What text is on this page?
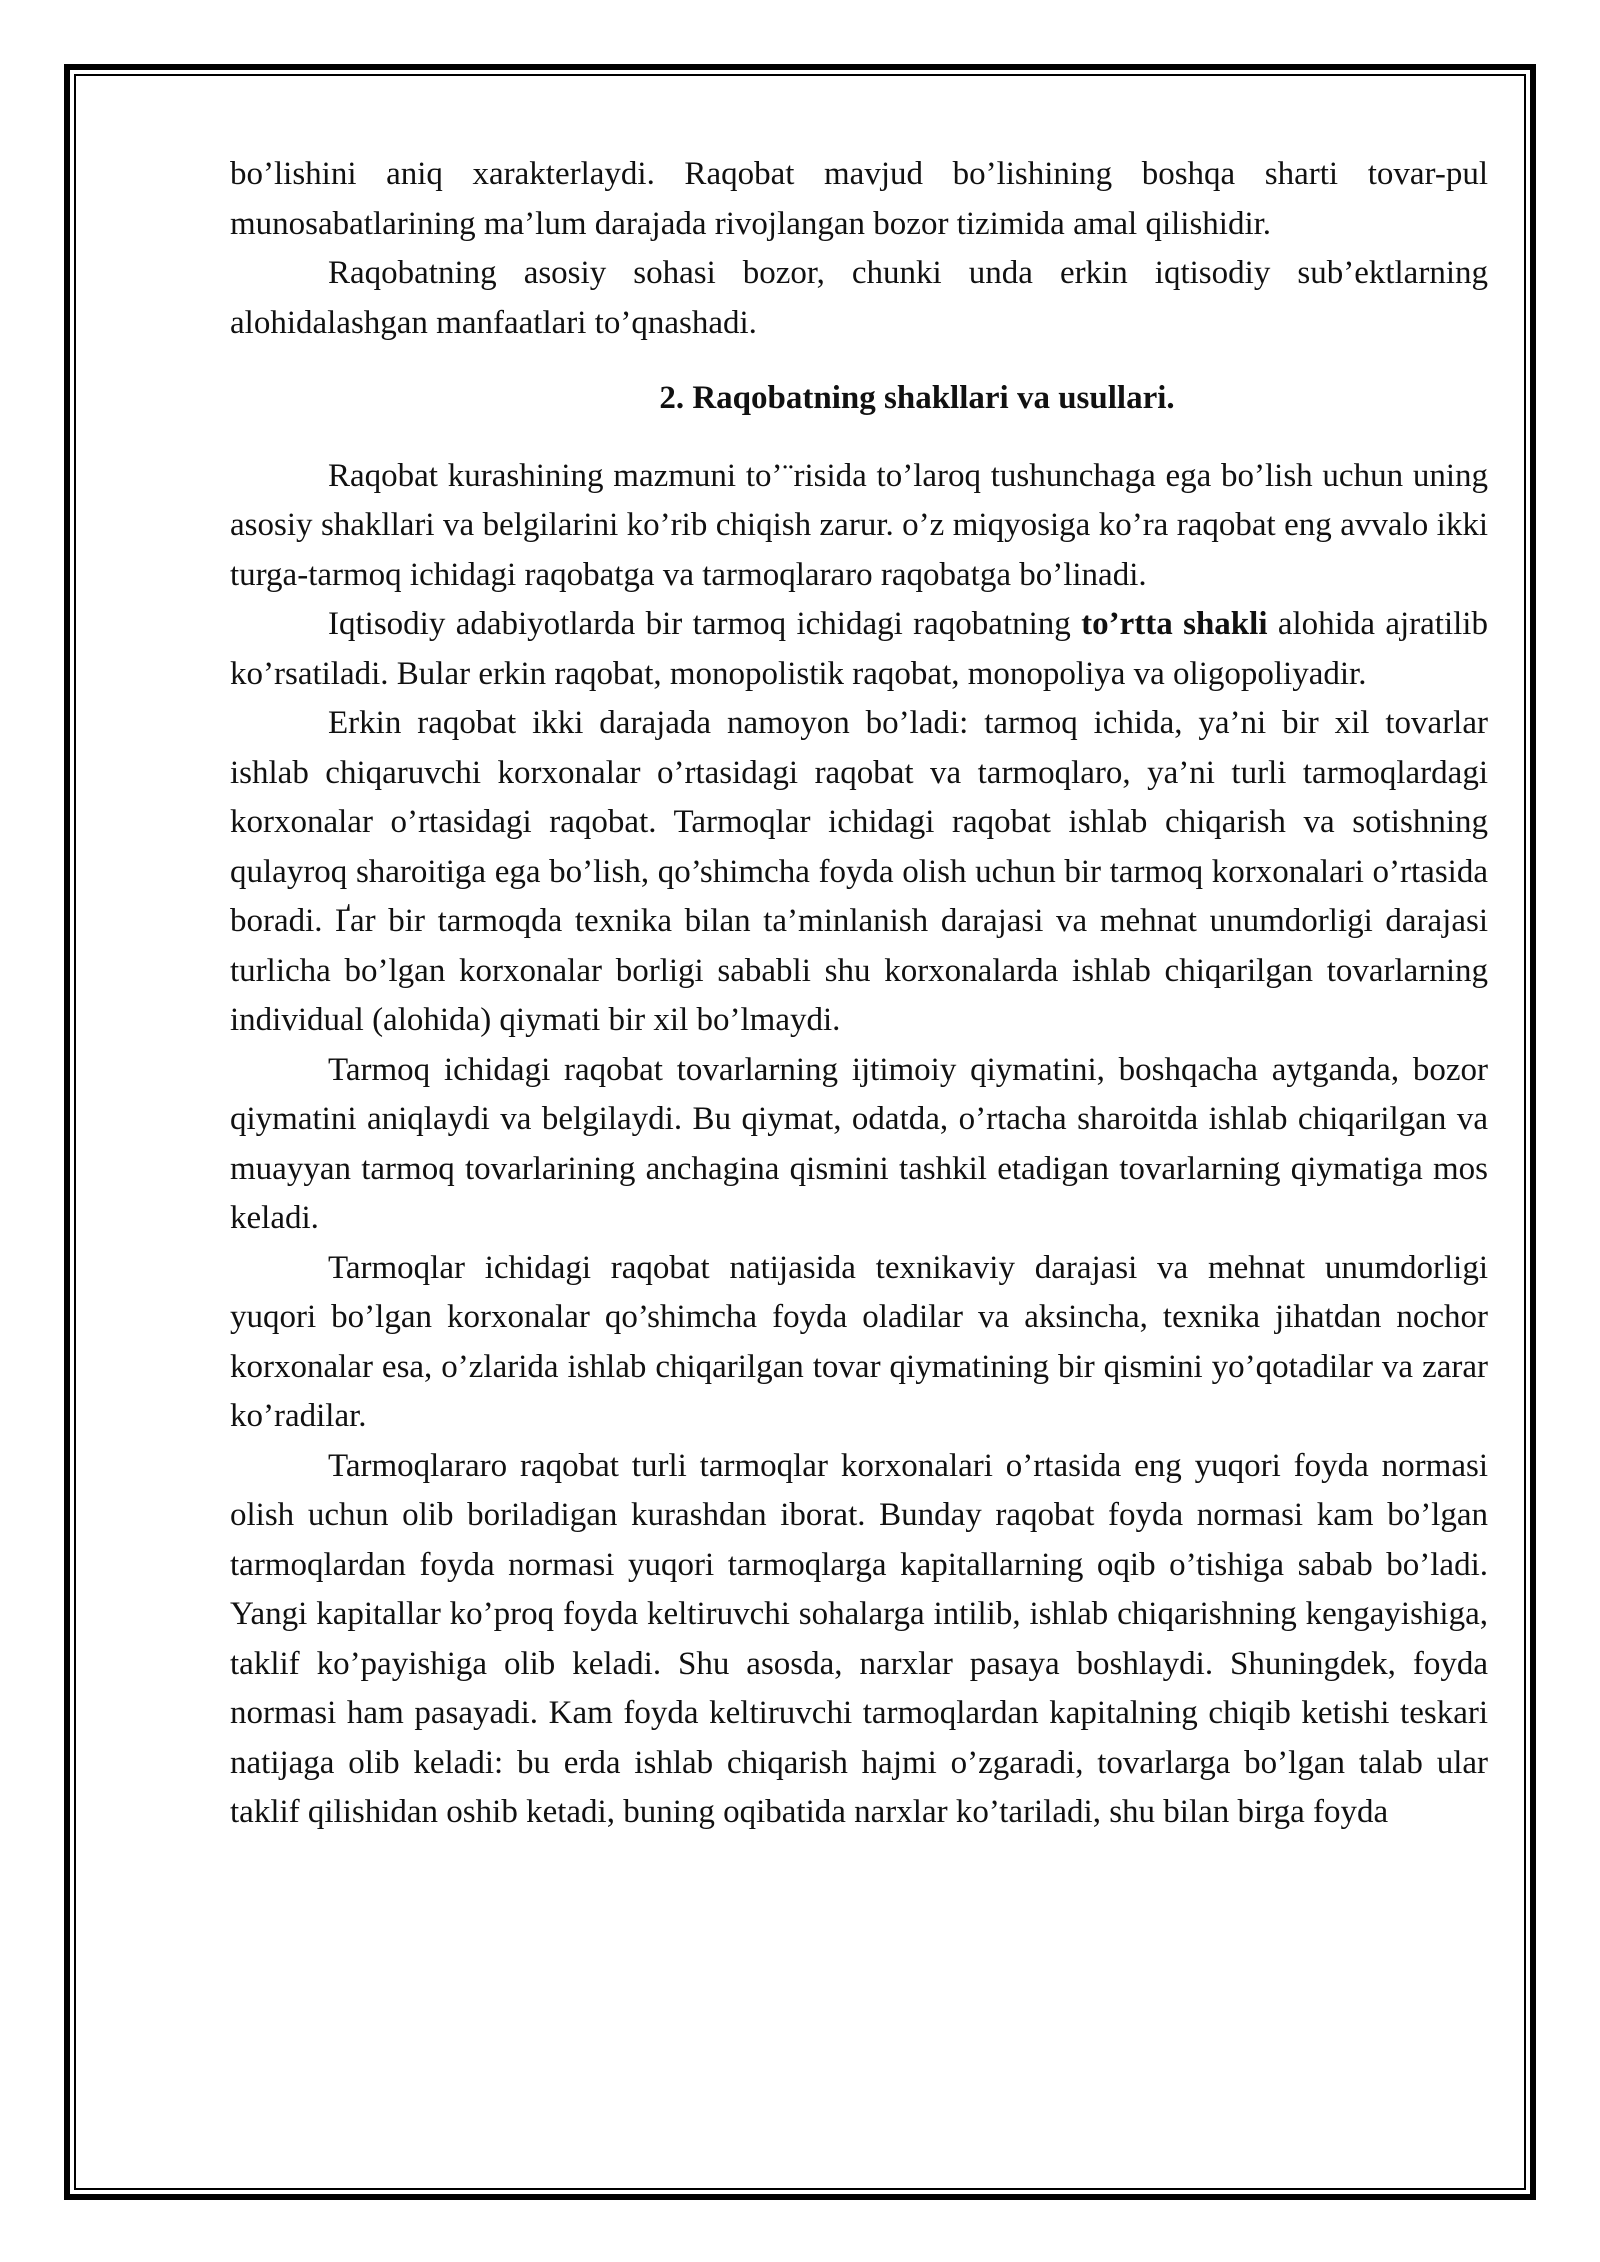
bo’lishini aniq xarakterlaydi. Raqobat mavjud bo’lishining boshqa sharti tovar-pul munosabatlarining ma’lum darajada rivojlangan bozor tizimida amal qilishidir.

Raqobatning asosiy sohasi bozor, chunki unda erkin iqtisodiy sub’ektlarning alohidalashgan manfaatlari to’qnashadi.

2. Raqobatning shakllari va usullari.

Raqobat kurashining mazmuni to’¨risida to’laroq tushunchaga ega bo’lish uchun uning asosiy shakllari va belgilarini ko’rib chiqish zarur. o’z miqyosiga ko’ra raqobat eng avvalo ikki turga-tarmoq ichidagi raqobatga va tarmoqlararo raqobatga bo’linadi.

Iqtisodiy adabiyotlarda bir tarmoq ichidagi raqobatning to’rtta shakli alohida ajratilib ko’rsatiladi. Bular erkin raqobat, monopolistik raqobat, monopoliya va oligopoliyadir.

Erkin raqobat ikki darajada namoyon bo’ladi: tarmoq ichida, ya’ni bir xil tovarlar ishlab chiqaruvchi korxonalar o’rtasidagi raqobat va tarmoqlaro, ya’ni turli tarmoqlardagi korxonalar o’rtasidagi raqobat. Tarmoqlar ichidagi raqobat ishlab chiqarish va sotishning qulayroq sharoitiga ega bo’lish, qo’shimcha foyda olish uchun bir tarmoq korxonalari o’rtasida boradi. Ґar bir tarmoqda texnika bilan ta’minlanish darajasi va mehnat unumdorligi darajasi turlicha bo’lgan korxonalar borligi sababli shu korxonalarda ishlab chiqarilgan tovarlarning individual (alohida) qiymati bir xil bo’lmaydi.

Tarmoq ichidagi raqobat tovarlarning ijtimoiy qiymatini, boshqacha aytganda, bozor qiymatini aniqlaydi va belgilaydi. Bu qiymat, odatda, o’rtacha sharoitda ishlab chiqarilgan va muayyan tarmoq tovarlarining anchagina qismini tashkil etadigan tovarlarning qiymatiga mos keladi.

Tarmoqlar ichidagi raqobat natijasida texnikaviy darajasi va mehnat unumdorligi yuqori bo’lgan korxonalar qo’shimcha foyda oladilar va aksincha, texnika jihatdan nochor korxonalar esa, o’zlarida ishlab chiqarilgan tovar qiymatining bir qismini yo’qotadilar va zarar ko’radilar.

Tarmoqlararo raqobat turli tarmoqlar korxonalari o’rtasida eng yuqori foyda normasi olish uchun olib boriladigan kurashdan iborat. Bunday raqobat foyda normasi kam bo’lgan tarmoqlardan foyda normasi yuqori tarmoqlarga kapitallarning oqib o’tishiga sabab bo’ladi. Yangi kapitallar ko’proq foyda keltiruvchi sohalarga intilib, ishlab chiqarishning kengayishiga, taklif ko’payishiga olib keladi. Shu asosda, narxlar pasaya boshlaydi. Shuningdek, foyda normasi ham pasayadi. Kam foyda keltiruvchi tarmoqlardan kapitalning chiqib ketishi teskari natijaga olib keladi: bu erda ishlab chiqarish hajmi o’zgaradi, tovarlarga bo’lgan talab ular taklif qilishidan oshib ketadi, buning oqibatida narxlar ko’tariladi, shu bilan birga foyda
